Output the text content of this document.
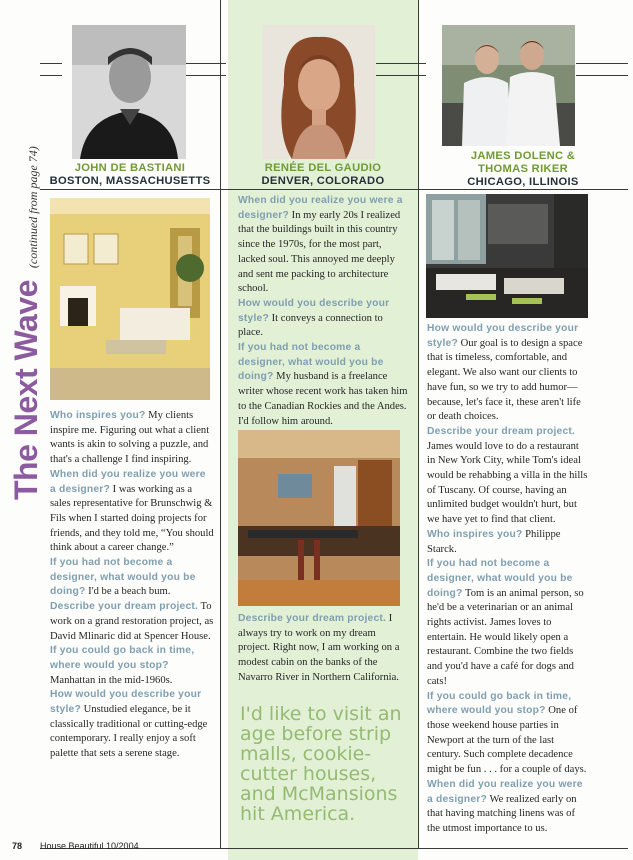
JOHN DE BASTIANI
BOSTON, MASSACHUSETTS
RENÉE DEL GAUDIO
DENVER, COLORADO
JAMES DOLENC &
THOMAS RIKER
CHICAGO, ILLINOIS
The Next Wave (continued from page 74)

Who inspires you? My clients inspire me. Figuring out what a client wants is akin to solving a puzzle, and that's a challenge I find inspiring.

When did you realize you were a designer? I was working as a sales representative for Brunschwig & Fils when I started doing projects for friends, and they told me, “You should think about a career change.”

If you had not become a designer, what would you be doing? I'd be a beach bum.

Describe your dream project. To work on a grand restoration project, as David Mlinaric did at Spencer House.

If you could go back in time, where would you stop? Manhattan in the mid-1960s.

How would you describe your style? Unstudied elegance, be it classically traditional or cutting-edge contemporary. I really enjoy a soft palette that sets a serene stage.

When did you realize you were a designer? In my early 20s I realized that the buildings built in this country since the 1970s, for the most part, lacked soul. This annoyed me deeply and sent me packing to architecture school.

How would you describe your style? It conveys a connection to place.

If you had not become a designer, what would you be doing? My husband is a freelance writer whose recent work has taken him to the Canadian Rockies and the Andes. I'd follow him around.

Describe your dream project. I always try to work on my dream project. Right now, I am working on a modest cabin on the banks of the Navarro River in Northern California.

I'd like to visit an age before strip malls, cookie-cutter houses, and McMansions hit America.

How would you describe your style? Our goal is to design a space that is timeless, comfortable, and elegant. We also want our clients to have fun, so we try to add humor—because, let's face it, these aren't life or death choices.

Describe your dream project. James would love to do a restaurant in New York City, while Tom's ideal would be rehabbing a villa in the hills of Tuscany. Of course, having an unlimited budget wouldn't hurt, but we have yet to find that client.

Who inspires you? Philippe Starck.

If you had not become a designer, what would you be doing? Tom is an animal person, so he'd be a veterinarian or an animal rights activist. James loves to entertain. He would likely open a restaurant. Combine the two fields and you'd have a café for dogs and cats!

If you could go back in time, where would you stop? One of those weekend house parties in Newport at the turn of the last century. Such complete decadence might be fun . . . for a couple of days.

When did you realize you were a designer? We realized early on that having matching linens was of the utmost importance to us.

78 House Beautiful 10/2004
